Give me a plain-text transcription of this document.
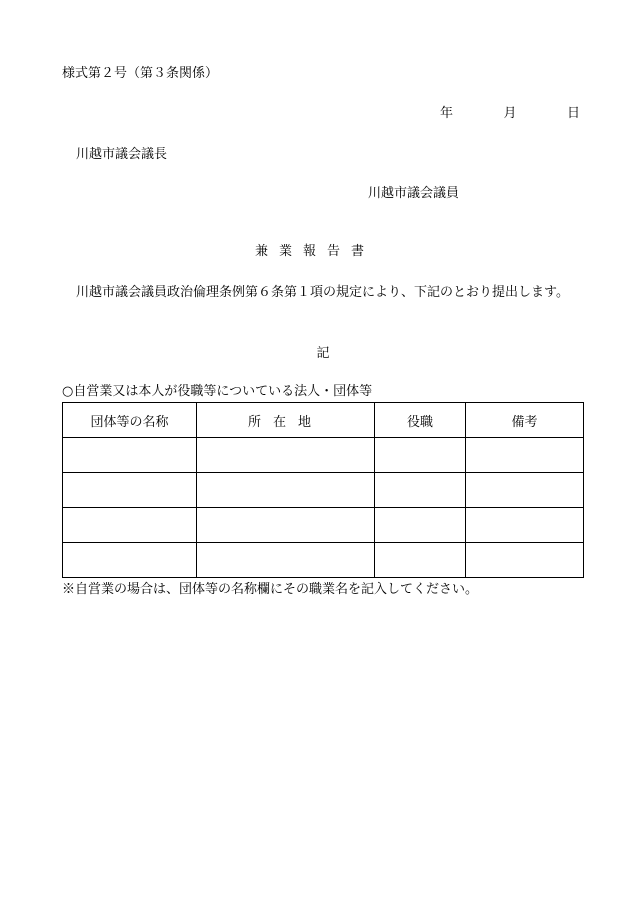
様式第２号（第３条関係）
年	月	日
川越市議会議長
川越市議会議員
兼業報告書
川越市議会議員政治倫理条例第６条第１項の規定により、下記のとおり提出します。
記
○自営業又は本人が役職等についている法人・団体等
団体等の名称	所在地	役職	備考

※自営業の場合は、団体等の名称欄にその職業名を記入してください。
